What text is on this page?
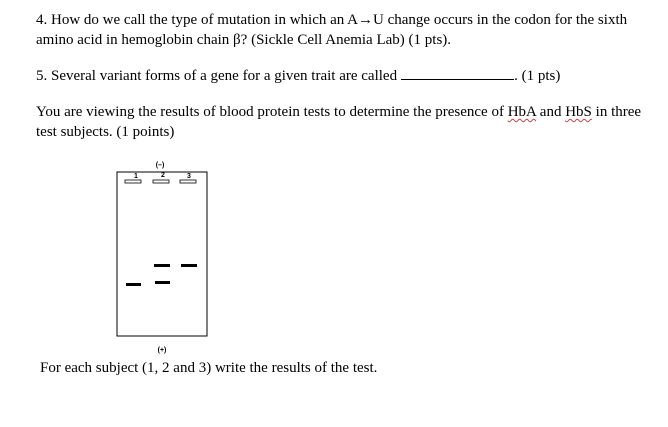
4. How do we call the type of mutation in which an A→U change occurs in the codon for the sixth amino acid in hemoglobin chain β? (Sickle Cell Anemia Lab) (1 pts).
5. Several variant forms of a gene for a given trait are called	. (1 pts)
You are viewing the results of blood protein tests to determine the presence of HbA and HbS in three test subjects. (1 points)
(–)
1	2	3
(+)
For each subject (1, 2 and 3) write the results of the test.
